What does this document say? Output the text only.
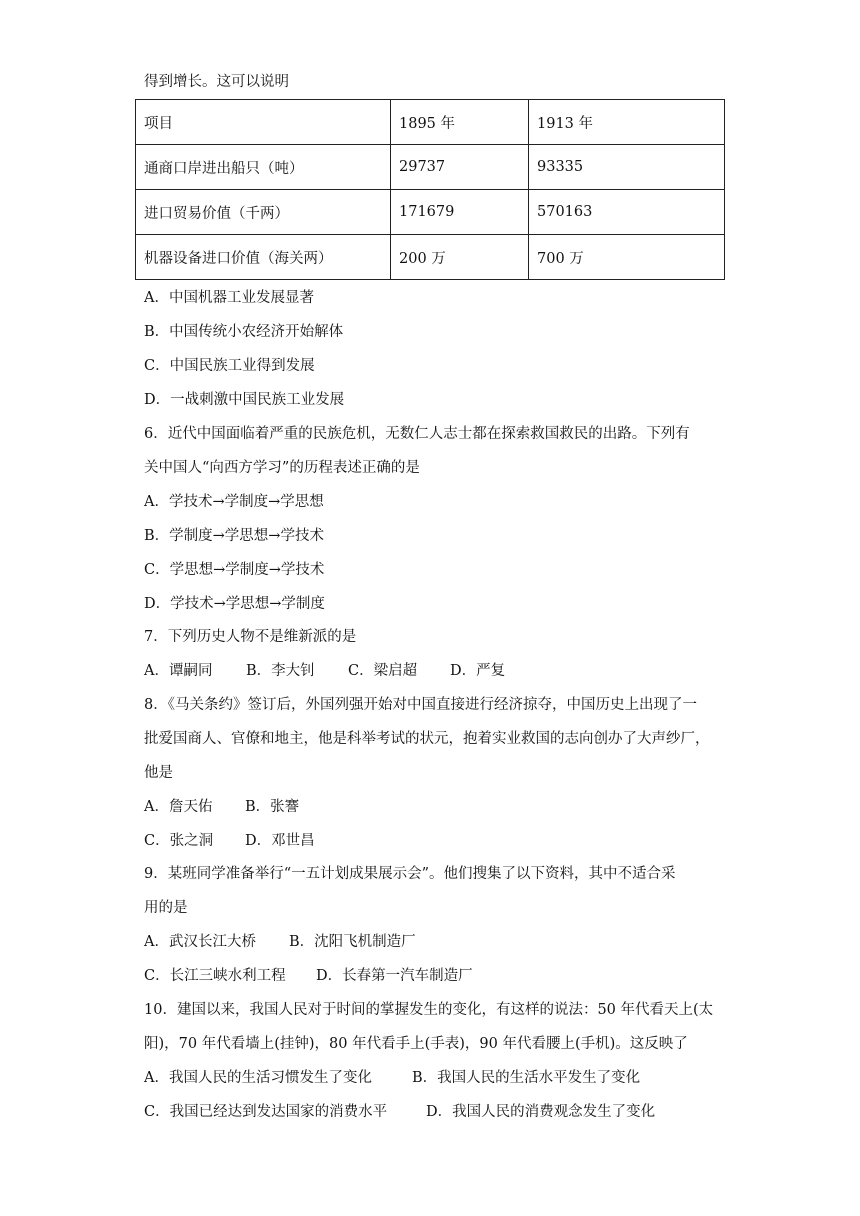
得到增长。这可以说明
项目	1895 年	1913 年
通商口岸进出船只（吨）	29737	93335
进口贸易价值（千两）	171679	570163
机器设备进口价值（海关两）	200 万	700 万
A．中国机器工业发展显著
B．中国传统小农经济开始解体
C．中国民族工业得到发展
D．一战刺激中国民族工业发展
6．近代中国面临着严重的民族危机，无数仁人志士都在探索救国救民的出路。下列有
关中国人“向西方学习”的历程表述正确的是
A．学技术→学制度→学思想
B．学制度→学思想→学技术
C．学思想→学制度→学技术
D．学技术→学思想→学制度
7．下列历史人物不是维新派的是
A．谭嗣同 B．李大钊 C．梁启超 D．严复
8．《马关条约》签订后，外国列强开始对中国直接进行经济掠夺，中国历史上出现了一
批爱国商人、官僚和地主，他是科举考试的状元，抱着实业救国的志向创办了大声纱厂，
他是
A．詹天佑 B．张謇
C．张之洞 D．邓世昌
9．某班同学准备举行“一五计划成果展示会”。他们搜集了以下资料，其中不适合采
用的是
A．武汉长江大桥 B．沈阳飞机制造厂
C．长江三峡水利工程 D．长春第一汽车制造厂
10．建国以来，我国人民对于时间的掌握发生的变化，有这样的说法：50 年代看天上(太
阳)，70 年代看墙上(挂钟)，80 年代看手上(手表)，90 年代看腰上(手机)。这反映了
A．我国人民的生活习惯发生了变化	B．我国人民的生活水平发生了变化
C．我国已经达到发达国家的消费水平	D．我国人民的消费观念发生了变化
